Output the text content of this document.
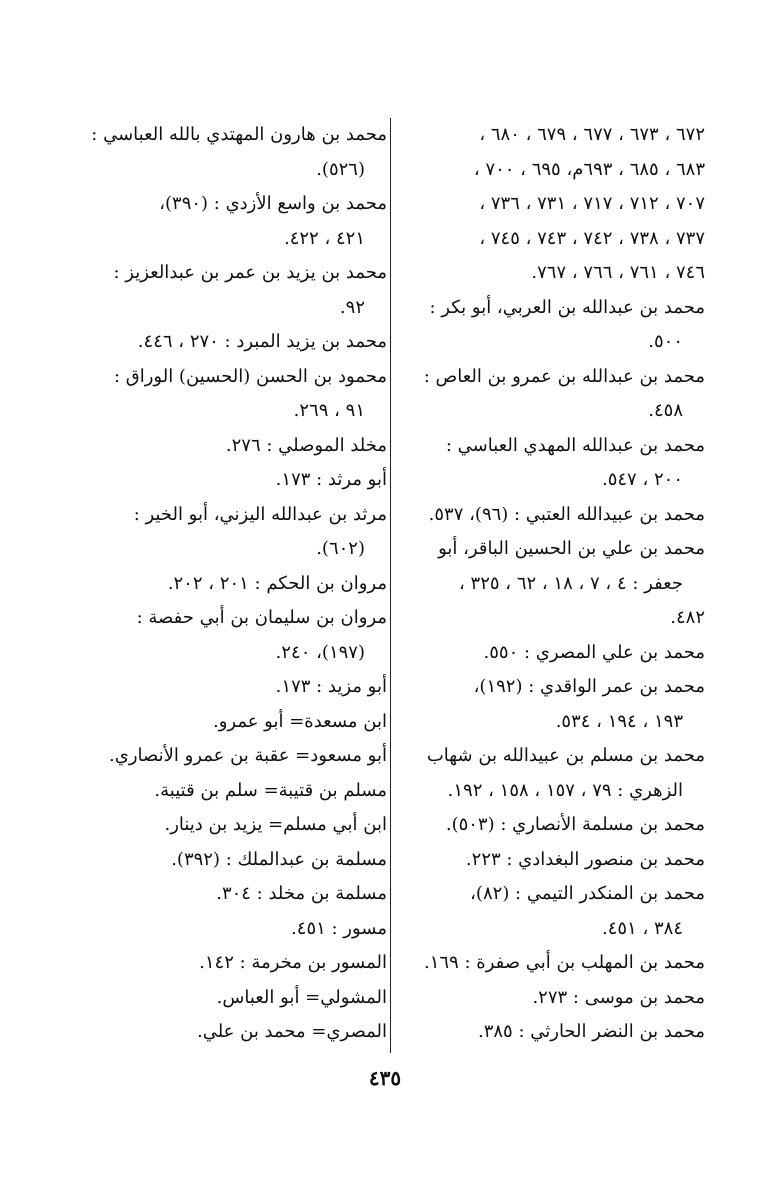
٦٧٢ ، ٦٧٣ ، ٦٧٧ ، ٦٧٩ ، ٦٨٠ ،
٦٨٣ ، ٦٨٥ ، ٦٩٣م، ٦٩٥ ، ٧٠٠ ،
٧٠٧ ، ٧١٢ ، ٧١٧ ، ٧٣١ ، ٧٣٦ ،
٧٣٧ ، ٧٣٨ ، ٧٤٢ ، ٧٤٣ ، ٧٤٥ ،
٧٤٦ ، ٧٦١ ، ٧٦٦ ، ٧٦٧.
محمد بن عبدالله بن العربي، أبو بكر :
٥٠٠.
محمد بن عبدالله بن عمرو بن العاص :
٤٥٨.
محمد بن عبدالله المهدي العباسي :
٢٠٠ ، ٥٤٧.
محمد بن عبيدالله العتبي : (٩٦)، ٥٣٧.
محمد بن علي بن الحسين الباقر، أبو
جعفر : ٤ ، ٧ ، ١٨ ، ٦٢ ، ٣٢٥ ،
٤٨٢.
محمد بن علي المصري : ٥٥٠.
محمد بن عمر الواقدي : (١٩٢)،
١٩٣ ، ١٩٤ ، ٥٣٤.
محمد بن مسلم بن عبيدالله بن شهاب
الزهري : ٧٩ ، ١٥٧ ، ١٥٨ ، ١٩٢.
محمد بن مسلمة الأنصاري : (٥٠٣).
محمد بن منصور البغدادي : ٢٢٣.
محمد بن المنكدر التيمي : (٨٢)،
٣٨٤ ، ٤٥١.
محمد بن المهلب بن أبي صفرة : ١٦٩.
محمد بن موسى : ٢٧٣.
محمد بن النضر الحارثي : ٣٨٥.
محمد بن هارون المهتدي بالله العباسي :
(٥٢٦).
محمد بن واسع الأزدي : (٣٩٠)،
٤٢١ ، ٤٢٢.
محمد بن يزيد بن عمر بن عبدالعزيز :
٩٢.
محمد بن يزيد المبرد : ٢٧٠ ، ٤٤٦.
محمود بن الحسن (الحسين) الوراق :
٩١ ، ٢٦٩.
مخلد الموصلي : ٢٧٦.
أبو مرثد : ١٧٣.
مرثد بن عبدالله اليزني، أبو الخير :
(٦٠٢).
مروان بن الحكم : ٢٠١ ، ٢٠٢.
مروان بن سليمان بن أبي حفصة :
(١٩٧)، ٢٤٠.
أبو مزيد : ١٧٣.
ابن مسعدة= أبو عمرو.
أبو مسعود= عقبة بن عمرو الأنصاري.
مسلم بن قتيبة= سلم بن قتيبة.
ابن أبي مسلم= يزيد بن دينار.
مسلمة بن عبدالملك : (٣٩٢).
مسلمة بن مخلد : ٣٠٤.
مسور : ٤٥١.
المسور بن مخرمة : ١٤٢.
المشولي= أبو العباس.
المصري= محمد بن علي.
٤٣٥
